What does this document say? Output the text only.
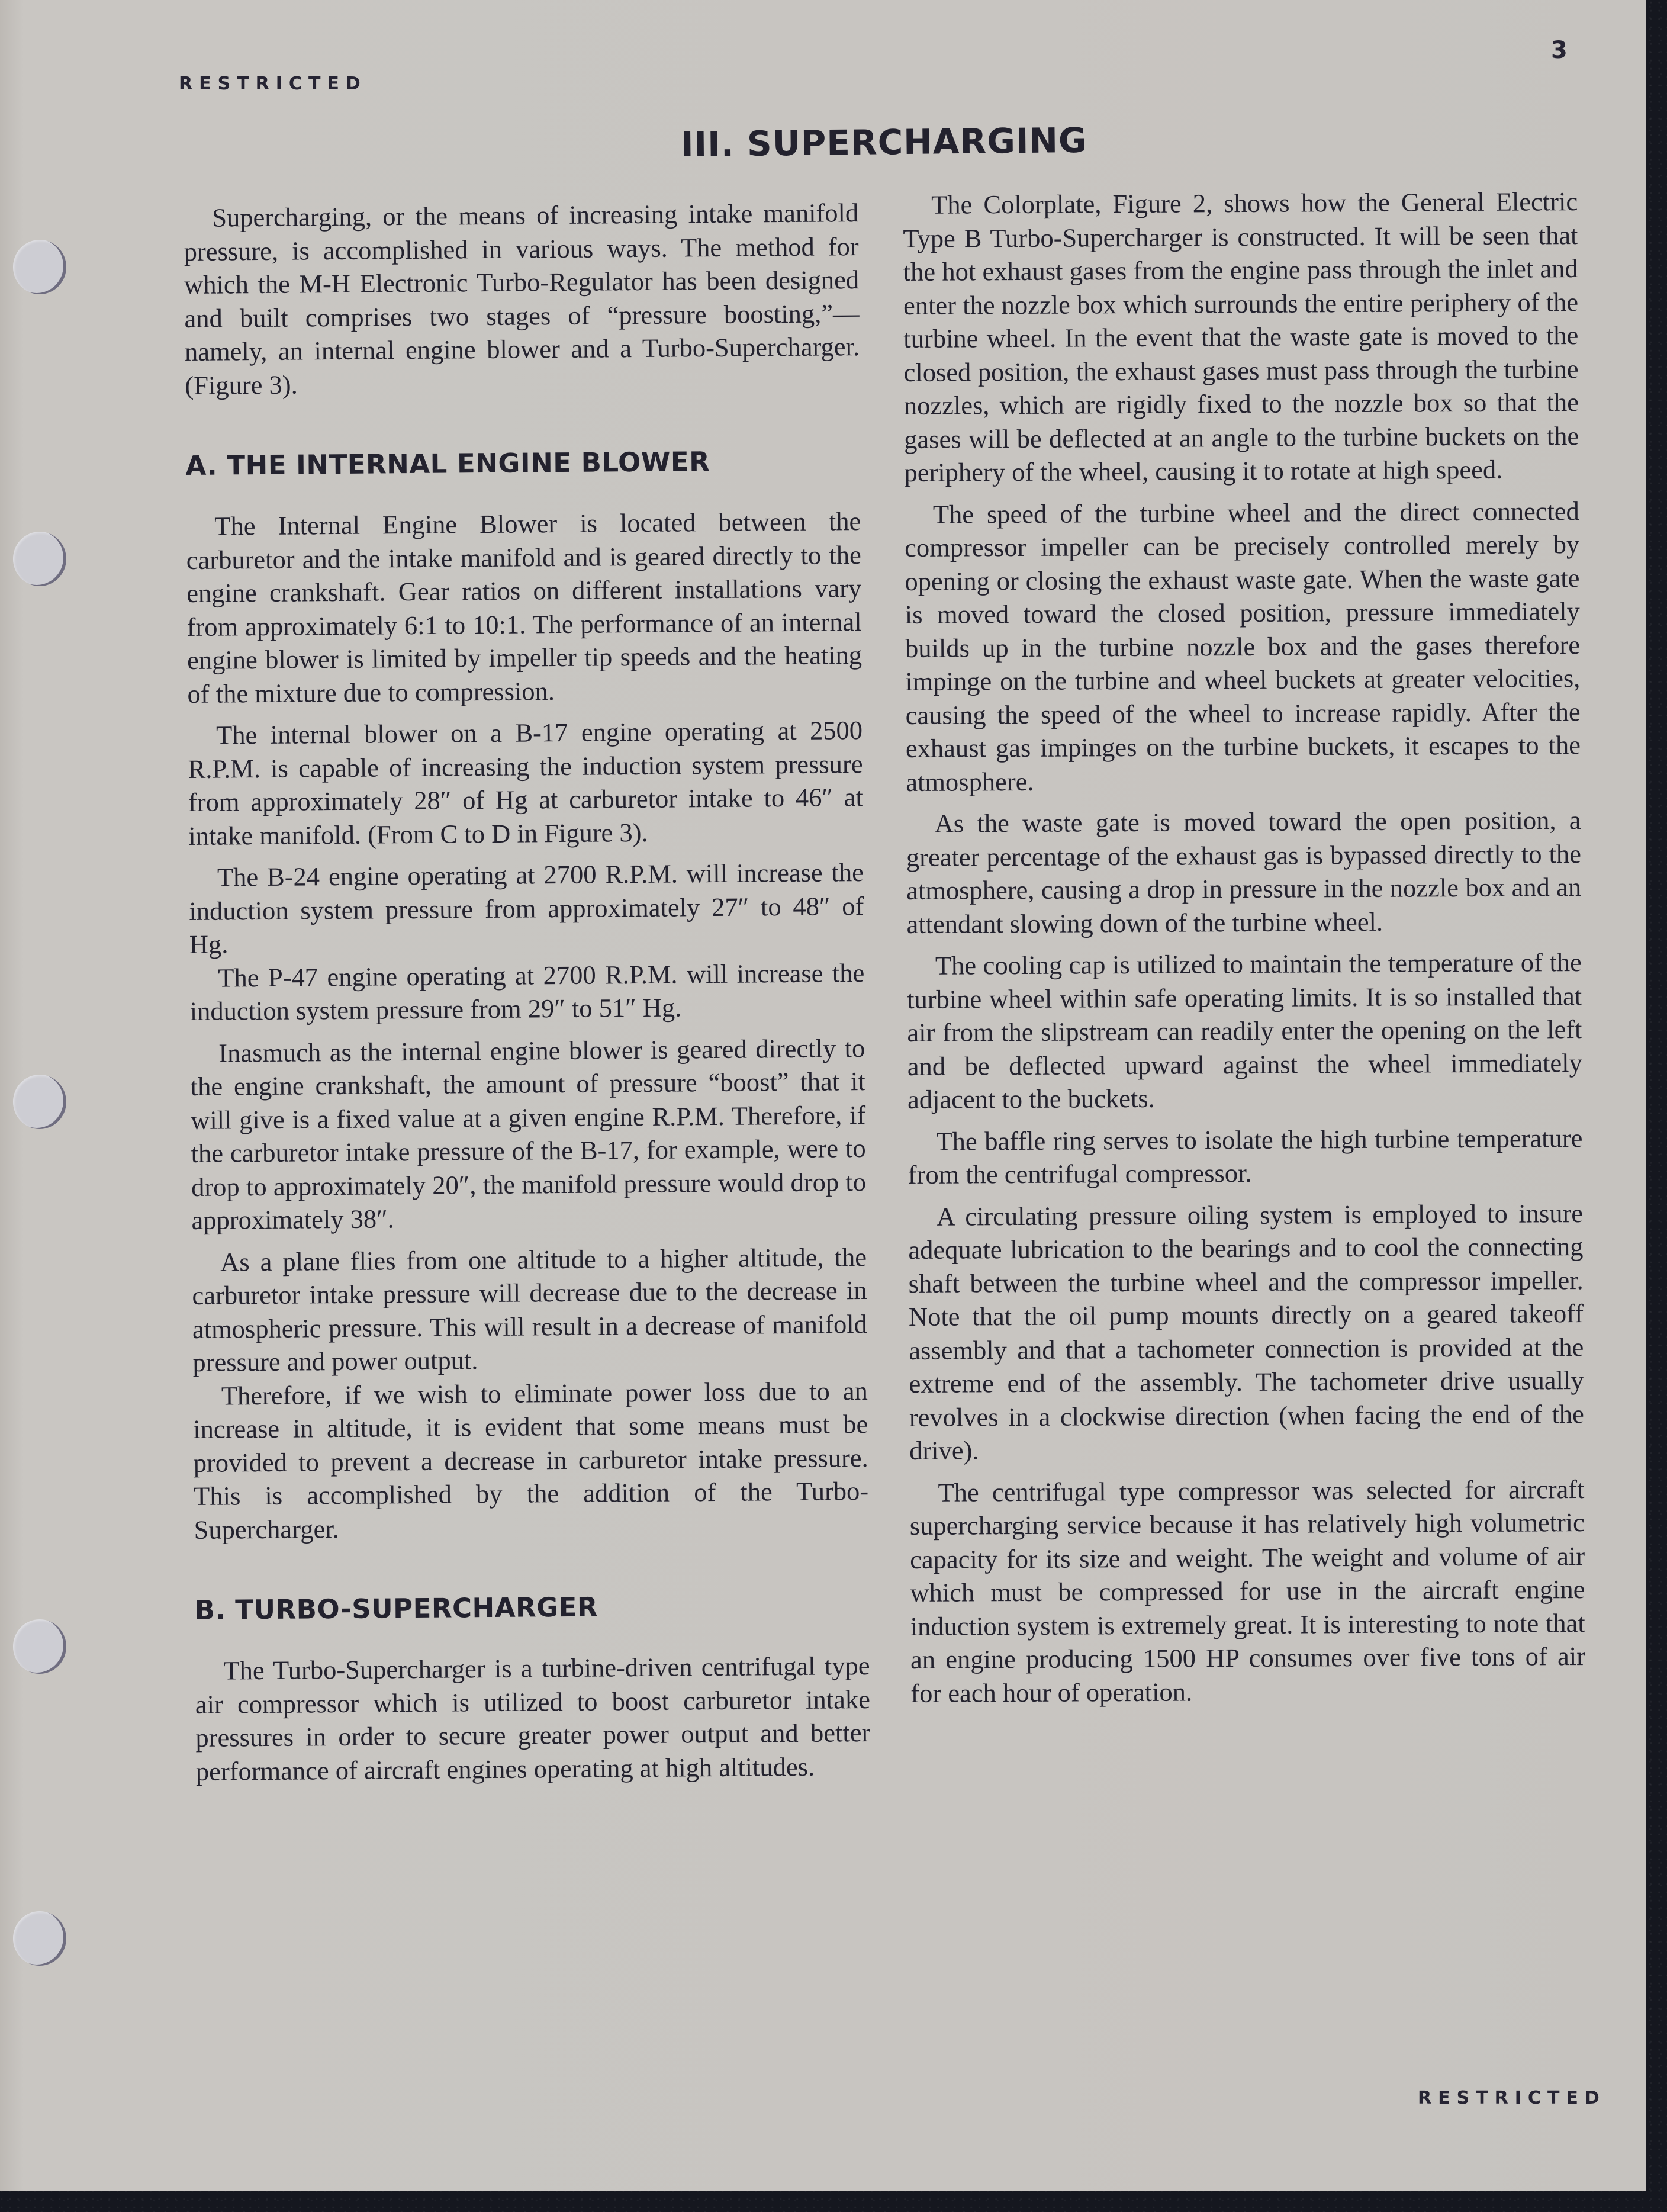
RESTRICTED
3
III. SUPERCHARGING

Supercharging, or the means of increasing intake manifold pressure, is accomplished in various ways. The method for which the M-H Electronic Turbo-Regulator has been designed and built comprises two stages of “pressure boosting,”—namely, an internal engine blower and a Turbo-Supercharger. (Figure 3).

A. THE INTERNAL ENGINE BLOWER

The Internal Engine Blower is located between the carburetor and the intake manifold and is geared directly to the engine crankshaft. Gear ratios on different installations vary from approximately 6:1 to 10:1. The performance of an internal engine blower is limited by impeller tip speeds and the heating of the mixture due to compression.

The internal blower on a B-17 engine operating at 2500 R.P.M. is capable of increasing the induction system pressure from approximately 28″ of Hg at carburetor intake to 46″ at intake manifold. (From C to D in Figure 3).

The B-24 engine operating at 2700 R.P.M. will increase the induction system pressure from approximately 27″ to 48″ of Hg.

The P-47 engine operating at 2700 R.P.M. will increase the induction system pressure from 29″ to 51″ Hg.

Inasmuch as the internal engine blower is geared directly to the engine crankshaft, the amount of pressure “boost” that it will give is a fixed value at a given engine R.P.M. Therefore, if the carburetor intake pressure of the B-17, for example, were to drop to approximately 20″, the manifold pressure would drop to approximately 38″.

As a plane flies from one altitude to a higher altitude, the carburetor intake pressure will decrease due to the decrease in atmospheric pressure. This will result in a decrease of manifold pressure and power output.

Therefore, if we wish to eliminate power loss due to an increase in altitude, it is evident that some means must be provided to prevent a decrease in carburetor intake pressure. This is accomplished by the addition of the Turbo-Supercharger.

B. TURBO-SUPERCHARGER

The Turbo-Supercharger is a turbine-driven centrifugal type air compressor which is utilized to boost carburetor intake pressures in order to secure greater power output and better performance of aircraft engines operating at high altitudes.

The Colorplate, Figure 2, shows how the General Electric Type B Turbo-Supercharger is constructed. It will be seen that the hot exhaust gases from the engine pass through the inlet and enter the nozzle box which surrounds the entire periphery of the turbine wheel. In the event that the waste gate is moved to the closed position, the exhaust gases must pass through the turbine nozzles, which are rigidly fixed to the nozzle box so that the gases will be deflected at an angle to the turbine buckets on the periphery of the wheel, causing it to rotate at high speed.

The speed of the turbine wheel and the direct connected compressor impeller can be precisely controlled merely by opening or closing the exhaust waste gate. When the waste gate is moved toward the closed position, pressure immediately builds up in the turbine nozzle box and the gases therefore impinge on the turbine and wheel buckets at greater velocities, causing the speed of the wheel to increase rapidly. After the exhaust gas impinges on the turbine buckets, it escapes to the atmosphere.

As the waste gate is moved toward the open position, a greater percentage of the exhaust gas is bypassed directly to the atmosphere, causing a drop in pressure in the nozzle box and an attendant slowing down of the turbine wheel.

The cooling cap is utilized to maintain the temperature of the turbine wheel within safe operating limits. It is so installed that air from the slipstream can readily enter the opening on the left and be deflected upward against the wheel immediately adjacent to the buckets.

The baffle ring serves to isolate the high turbine temperature from the centrifugal compressor.

A circulating pressure oiling system is employed to insure adequate lubrication to the bearings and to cool the connecting shaft between the turbine wheel and the compressor impeller. Note that the oil pump mounts directly on a geared takeoff assembly and that a tachometer connection is provided at the extreme end of the assembly. The tachometer drive usually revolves in a clockwise direction (when facing the end of the drive).

The centrifugal type compressor was selected for aircraft supercharging service because it has relatively high volumetric capacity for its size and weight. The weight and volume of air which must be compressed for use in the aircraft engine induction system is extremely great. It is interesting to note that an engine producing 1500 HP consumes over five tons of air for each hour of operation.

RESTRICTED
